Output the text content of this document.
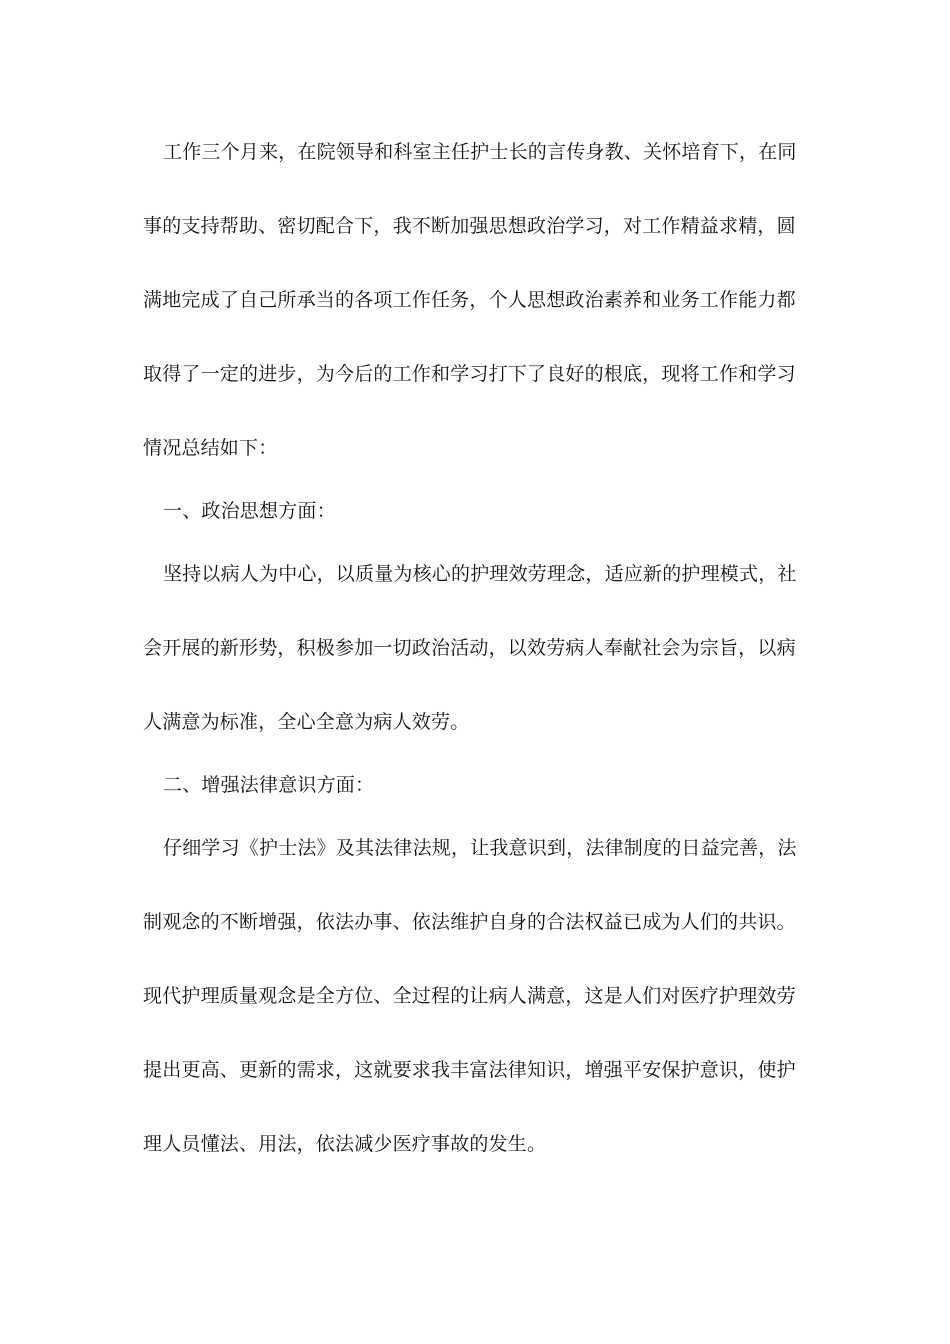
工作三个月来，在院领导和科室主任护士长的言传身教、关怀培育下，在同
事的支持帮助、密切配合下，我不断加强思想政治学习，对工作精益求精，圆
满地完成了自己所承当的各项工作任务，个人思想政治素养和业务工作能力都
取得了一定的进步，为今后的工作和学习打下了良好的根底，现将工作和学习
情况总结如下：
一、政治思想方面：
坚持以病人为中心，以质量为核心的护理效劳理念，适应新的护理模式，社
会开展的新形势，积极参加一切政治活动，以效劳病人奉献社会为宗旨，以病
人满意为标准，全心全意为病人效劳。
二、增强法律意识方面：
仔细学习《护士法》及其法律法规，让我意识到，法律制度的日益完善，法
制观念的不断增强，依法办事、依法维护自身的合法权益已成为人们的共识。
现代护理质量观念是全方位、全过程的让病人满意，这是人们对医疗护理效劳
提出更高、更新的需求，这就要求我丰富法律知识，增强平安保护意识，使护
理人员懂法、用法，依法减少医疗事故的发生。
